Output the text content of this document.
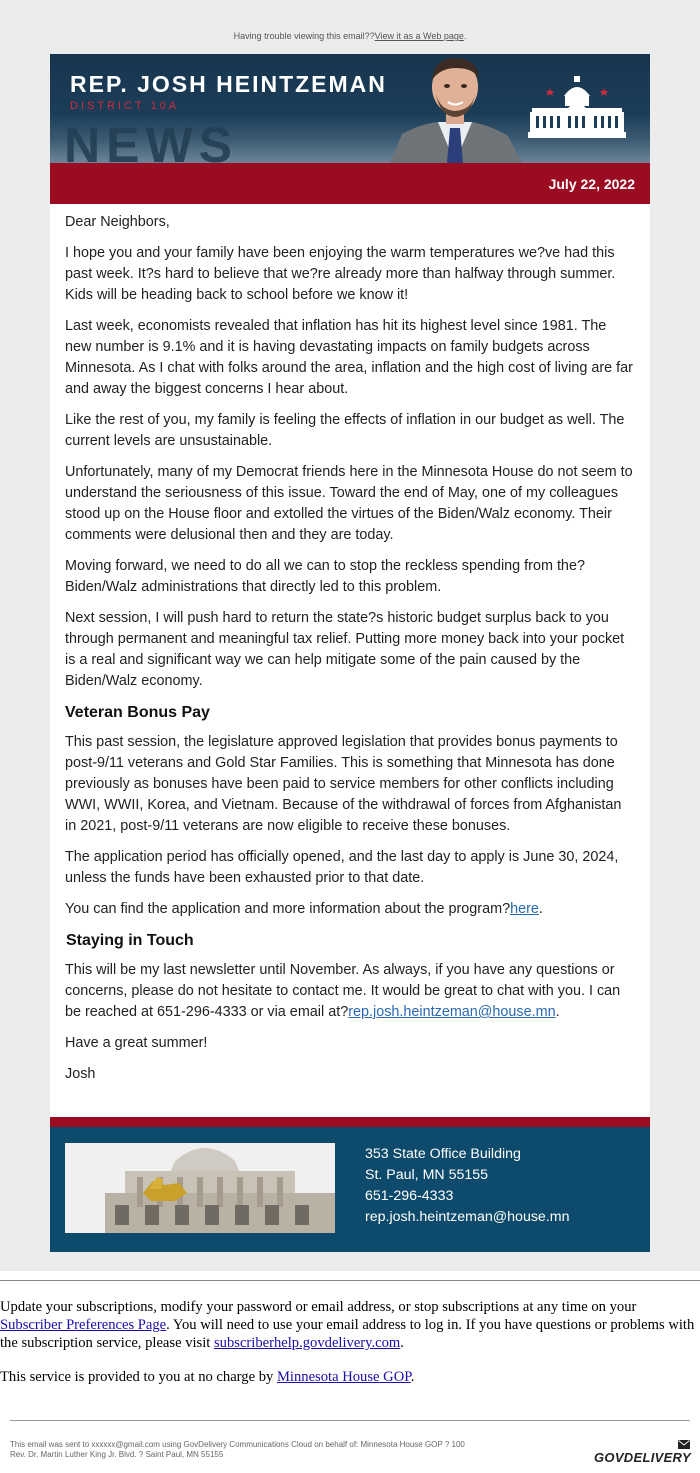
Having trouble viewing this email??View it as a Web page.
NEWS
REP. JOSH HEINTZEMAN
DISTRICT 10A
July 22, 2022

Dear Neighbors,

I hope you and your family have been enjoying the warm temperatures we?ve had this past week. It?s hard to believe that we?re already more than halfway through summer. Kids will be heading back to school before we know it!

Last week, economists revealed that inflation has hit its highest level since 1981. The new number is 9.1% and it is having devastating impacts on family budgets across Minnesota. As I chat with folks around the area, inflation and the high cost of living are far and away the biggest concerns I hear about.

Like the rest of you, my family is feeling the effects of inflation in our budget as well. The current levels are unsustainable.

Unfortunately, many of my Democrat friends here in the Minnesota House do not seem to understand the seriousness of this issue. Toward the end of May, one of my colleagues stood up on the House floor and extolled the virtues of the Biden/Walz economy. Their comments were delusional then and they are today.

Moving forward, we need to do all we can to stop the reckless spending from the? Biden/Walz administrations that directly led to this problem.

Next session, I will push hard to return the state?s historic budget surplus back to you through permanent and meaningful tax relief. Putting more money back into your pocket is a real and significant way we can help mitigate some of the pain caused by the Biden/Walz economy.

Veteran Bonus Pay

This past session, the legislature approved legislation that provides bonus payments to post-9/11 veterans and Gold Star Families. This is something that Minnesota has done previously as bonuses have been paid to service members for other conflicts including WWI, WWII, Korea, and Vietnam. Because of the withdrawal of forces from Afghanistan in 2021, post-9/11 veterans are now eligible to receive these bonuses.

The application period has officially opened, and the last day to apply is June 30, 2024, unless the funds have been exhausted prior to that date.

You can find the application and more information about the program?here.

Staying in Touch

This will be my last newsletter until November. As always, if you have any questions or concerns, please do not hesitate to contact me. It would be great to chat with you. I can be reached at 651-296-4333 or via email at?rep.josh.heintzeman@house.mn.

Have a great summer!

Josh

353 State Office Building
St. Paul, MN 55155
651-296-4333
rep.josh.heintzeman@house.mn

Update your subscriptions, modify your password or email address, or stop subscriptions at any time on your Subscriber Preferences Page. You will need to use your email address to log in. If you have questions or problems with the subscription service, please visit subscriberhelp.govdelivery.com.

This service is provided to you at no charge by Minnesota House GOP.

This email was sent to xxxxxx@gmail.com using GovDelivery Communications Cloud on behalf of: Minnesota House GOP ? 100
Rev. Dr. Martin Luther King Jr. Blvd. ? Saint Paul, MN 55155	GOVDELIVERY
